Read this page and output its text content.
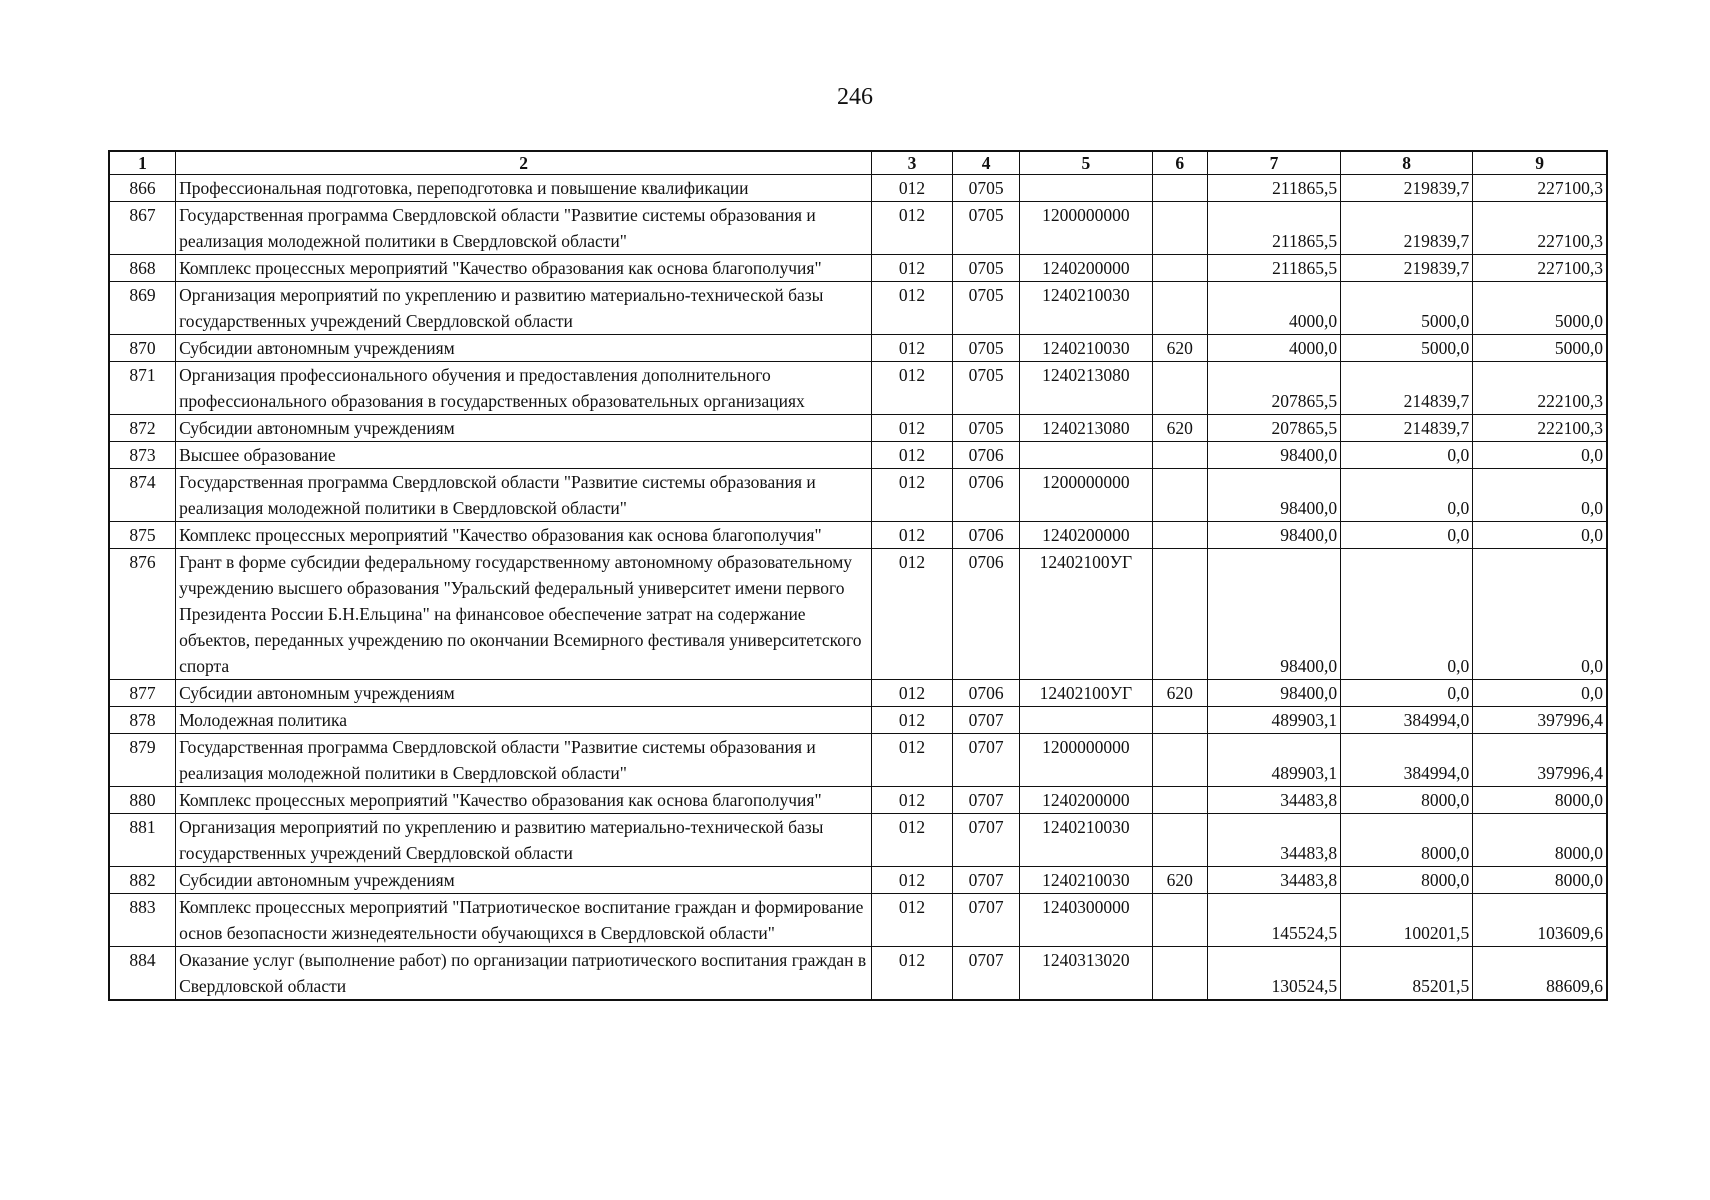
246
1	2	3	4	5	6	7	8	9
866	Профессиональная подготовка, переподготовка и повышение квалификации	012	0705			211865,5	219839,7	227100,3
867	Государственная программа Свердловской области "Развитие системы образования и реализация молодежной политики в Свердловской области"	012	0705	1200000000		211865,5	219839,7	227100,3
868	Комплекс процессных мероприятий "Качество образования как основа благополучия"	012	0705	1240200000		211865,5	219839,7	227100,3
869	Организация мероприятий по укреплению и развитию материально-технической базы государственных учреждений Свердловской области	012	0705	1240210030		4000,0	5000,0	5000,0
870	Субсидии автономным учреждениям	012	0705	1240210030	620	4000,0	5000,0	5000,0
871	Организация профессионального обучения и предоставления дополнительного профессионального образования в государственных образовательных организациях	012	0705	1240213080		207865,5	214839,7	222100,3
872	Субсидии автономным учреждениям	012	0705	1240213080	620	207865,5	214839,7	222100,3
873	Высшее образование	012	0706			98400,0	0,0	0,0
874	Государственная программа Свердловской области "Развитие системы образования и реализация молодежной политики в Свердловской области"	012	0706	1200000000		98400,0	0,0	0,0
875	Комплекс процессных мероприятий "Качество образования как основа благополучия"	012	0706	1240200000		98400,0	0,0	0,0
876	Грант в форме субсидии федеральному государственному автономному образовательному учреждению высшего образования "Уральский федеральный университет имени первого Президента России Б.Н.Ельцина" на финансовое обеспечение затрат на содержание объектов, переданных учреждению по окончании Всемирного фестиваля университетского спорта	012	0706	12402100УГ		98400,0	0,0	0,0
877	Субсидии автономным учреждениям	012	0706	12402100УГ	620	98400,0	0,0	0,0
878	Молодежная политика	012	0707			489903,1	384994,0	397996,4
879	Государственная программа Свердловской области "Развитие системы образования и реализация молодежной политики в Свердловской области"	012	0707	1200000000		489903,1	384994,0	397996,4
880	Комплекс процессных мероприятий "Качество образования как основа благополучия"	012	0707	1240200000		34483,8	8000,0	8000,0
881	Организация мероприятий по укреплению и развитию материально-технической базы государственных учреждений Свердловской области	012	0707	1240210030		34483,8	8000,0	8000,0
882	Субсидии автономным учреждениям	012	0707	1240210030	620	34483,8	8000,0	8000,0
883	Комплекс процессных мероприятий "Патриотическое воспитание граждан и формирование основ безопасности жизнедеятельности обучающихся в Свердловской области"	012	0707	1240300000		145524,5	100201,5	103609,6
884	Оказание услуг (выполнение работ) по организации патриотического воспитания граждан в Свердловской области	012	0707	1240313020		130524,5	85201,5	88609,6
